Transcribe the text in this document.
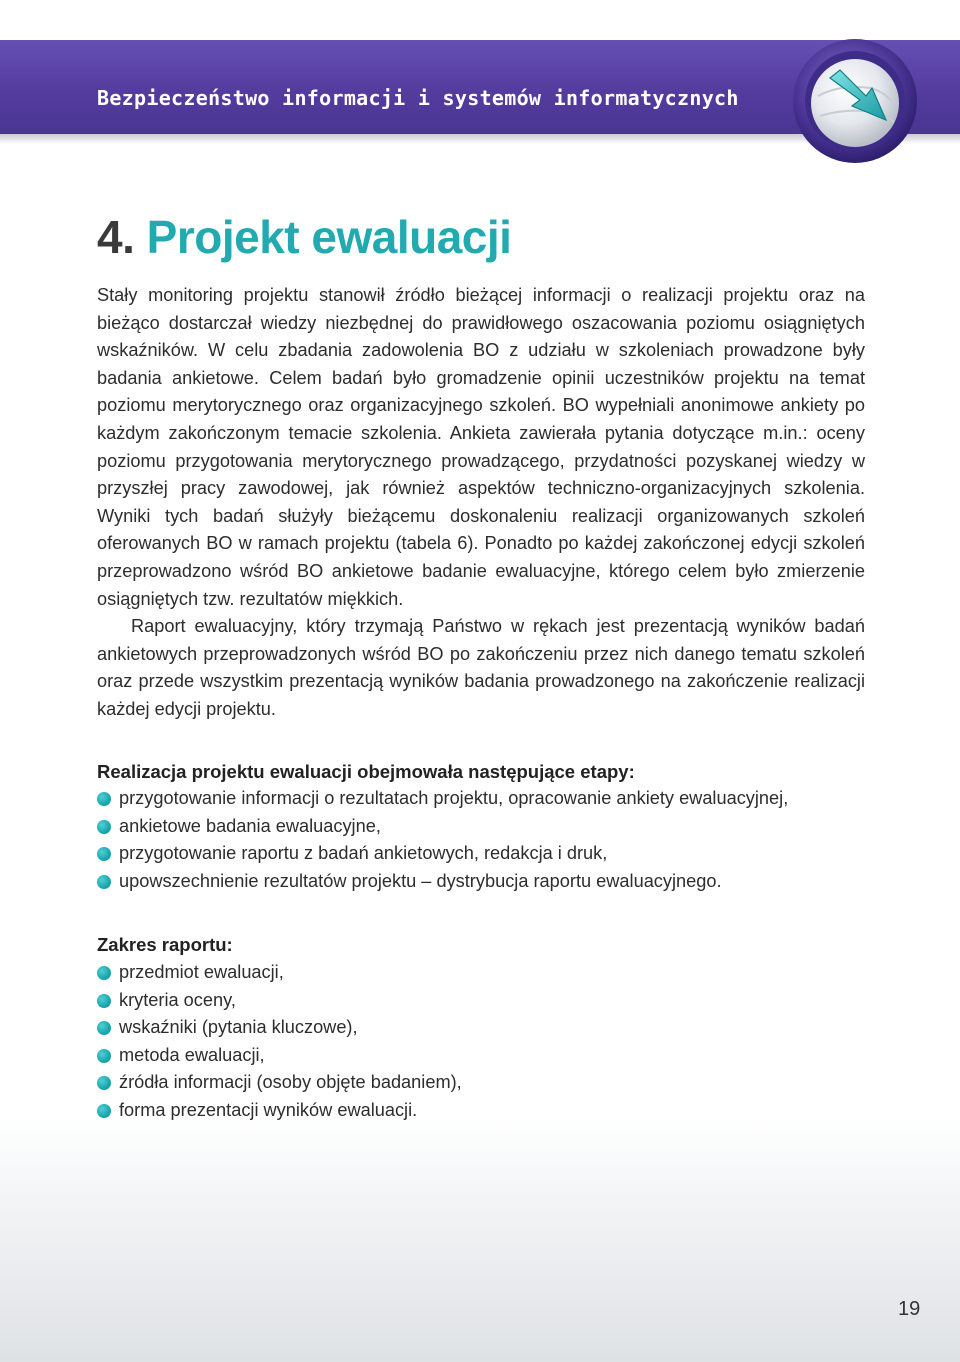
Bezpieczeństwo informacji i systemów informatycznych
4. Projekt ewaluacji

Stały monitoring projektu stanowił źródło bieżącej informacji o realizacji projektu oraz na bieżąco dostarczał wiedzy niezbędnej do prawidłowego oszacowania poziomu osiągniętych wskaźników. W celu zbadania zadowolenia BO z udziału w szkoleniach prowadzone były badania ankietowe. Celem badań było gromadzenie opinii uczestników projektu na temat poziomu merytorycznego oraz organizacyjnego szkoleń. BO wypełniali anonimowe ankiety po każdym zakończonym temacie szkolenia. Ankieta zawierała pytania dotyczące m.in.: oceny poziomu przygotowania merytorycznego prowadzącego, przydatności pozyskanej wiedzy w przyszłej pracy zawodowej, jak również aspektów techniczno-organizacyjnych szkolenia. Wyniki tych badań służyły bieżącemu doskonaleniu realizacji organizowanych szkoleń oferowanych BO w ramach projektu (tabela 6). Ponadto po każdej zakończonej edycji szkoleń przeprowadzono wśród BO ankietowe badanie ewaluacyjne, którego celem było zmierzenie osiągniętych tzw. rezultatów miękkich.

Raport ewaluacyjny, który trzymają Państwo w rękach jest prezentacją wyników badań ankietowych przeprowadzonych wśród BO po zakończeniu przez nich danego tematu szkoleń oraz przede wszystkim prezentacją wyników badania prowadzonego na zakończenie realizacji każdej edycji projektu.

Realizacja projektu ewaluacji obejmowała następujące etapy:

przygotowanie informacji o rezultatach projektu, opracowanie ankiety ewaluacyjnej,
ankietowe badania ewaluacyjne,
przygotowanie raportu z badań ankietowych, redakcja i druk,
upowszechnienie rezultatów projektu – dystrybucja raportu ewaluacyjnego.

Zakres raportu:

przedmiot ewaluacji,
kryteria oceny,
wskaźniki (pytania kluczowe),
metoda ewaluacji,
źródła informacji (osoby objęte badaniem),
forma prezentacji wyników ewaluacji.
19
